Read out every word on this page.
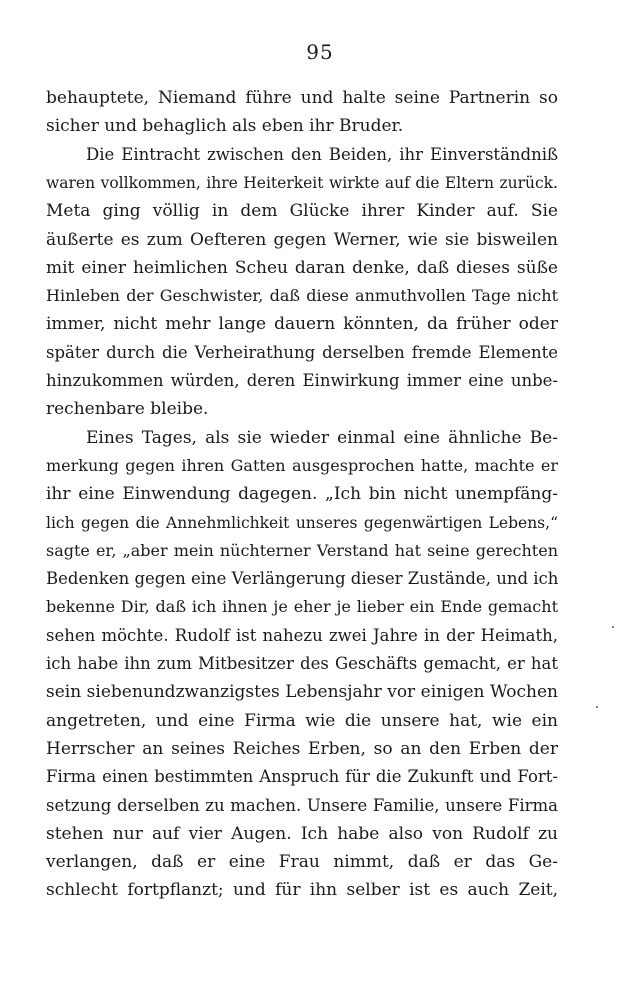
95
behauptete, Niemand führe und halte seine Partnerin so
sicher und behaglich als eben ihr Bruder.
Die Eintracht zwischen den Beiden, ihr Einverständniß
waren vollkommen, ihre Heiterkeit wirkte auf die Eltern zurück.
Meta ging völlig in dem Glücke ihrer Kinder auf. Sie
äußerte es zum Oefteren gegen Werner, wie sie bisweilen
mit einer heimlichen Scheu daran denke, daß dieses süße
Hinleben der Geschwister, daß diese anmuthvollen Tage nicht
immer, nicht mehr lange dauern könnten, da früher oder
später durch die Verheirathung derselben fremde Elemente
hinzukommen würden, deren Einwirkung immer eine unbe-
rechenbare bleibe.
Eines Tages, als sie wieder einmal eine ähnliche Be-
merkung gegen ihren Gatten ausgesprochen hatte, machte er
ihr eine Einwendung dagegen. „Ich bin nicht unempfäng-
lich gegen die Annehmlichkeit unseres gegenwärtigen Lebens,“
sagte er, „aber mein nüchterner Verstand hat seine gerechten
Bedenken gegen eine Verlängerung dieser Zustände, und ich
bekenne Dir, daß ich ihnen je eher je lieber ein Ende gemacht
sehen möchte. Rudolf ist nahezu zwei Jahre in der Heimath,
ich habe ihn zum Mitbesitzer des Geschäfts gemacht, er hat
sein siebenundzwanzigstes Lebensjahr vor einigen Wochen
angetreten, und eine Firma wie die unsere hat, wie ein
Herrscher an seines Reiches Erben, so an den Erben der
Firma einen bestimmten Anspruch für die Zukunft und Fort-
setzung derselben zu machen. Unsere Familie, unsere Firma
stehen nur auf vier Augen. Ich habe also von Rudolf zu
verlangen, daß er eine Frau nimmt, daß er das Ge-
schlecht fortpflanzt; und für ihn selber ist es auch Zeit,
